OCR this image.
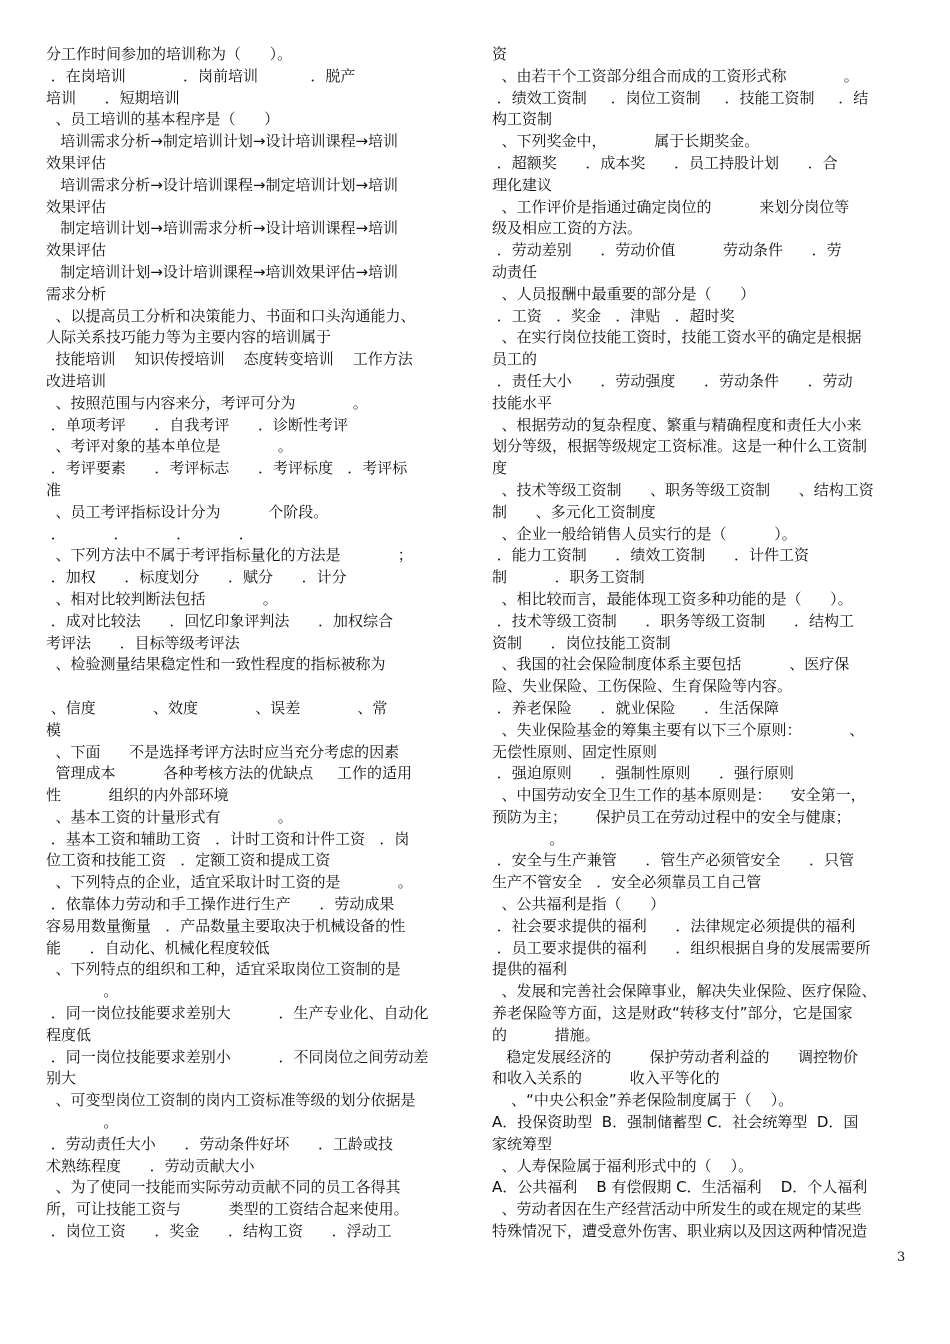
分工作时间参加的培训称为（      ）。
．在岗培训            ．岗前培训           ．脱产
培训      ．短期培训
、员工培训的基本程序是（      ）
培训需求分析→制定培训计划→设计培训课程→培训
效果评估
培训需求分析→设计培训课程→制定培训计划→培训
效果评估
制定培训计划→培训需求分析→设计培训课程→培训
效果评估
制定培训计划→设计培训课程→培训效果评估→培训
需求分析
、以提高员工分析和决策能力、书面和口头沟通能力、
人际关系技巧能力等为主要内容的培训属于
技能培训    知识传授培训    态度转变培训    工作方法
改进培训
、按照范围与内容来分，考评可分为            。
．单项考评      ．自我考评      ．诊断性考评
、考评对象的基本单位是            。
．考评要素      ．考评标志      ．考评标度   ．考评标
准
、员工考评指标设计分为          个阶段。
．          ．          ．          ．
、下列方法中不属于考评指标量化的方法是            ；
．加权      ．标度划分      ．赋分      ．计分
、相对比较判断法包括            。
．成对比较法      ．回忆印象评判法      ．加权综合
考评法      ．目标等级考评法
、检验测量结果稳定性和一致性程度的指标被称为
、信度            、效度            、误差            、常
模
、下面      不是选择考评方法时应当充分考虑的因素
管理成本          各种考核方法的优缺点     工作的适用
性          组织的内外部环境
、基本工资的计量形式有            。
．基本工资和辅助工资   ．计时工资和计件工资   ．岗
位工资和技能工资   ．定额工资和提成工资
、下列特点的企业，适宜采取计时工资的是            。
．依靠体力劳动和手工操作进行生产      ．劳动成果
容易用数量衡量   ．产品数量主要取决于机械设备的性
能      ．自动化、机械化程度较低
、下列特点的组织和工种，适宜采取岗位工资制的是
。
．同一岗位技能要求差别大          ．生产专业化、自动化
程度低
．同一岗位技能要求差别小          ．不同岗位之间劳动差
别大
、可变型岗位工资制的岗内工资标准等级的划分依据是
。
．劳动责任大小      ．劳动条件好坏      ．工龄或技
术熟练程度      ．劳动贡献大小
、为了使同一技能而实际劳动贡献不同的员工各得其
所，可让技能工资与          类型的工资结合起来使用。
．岗位工资      ．奖金      ．结构工资      ．浮动工
资
、由若干个工资部分组合而成的工资形式称            。
．绩效工资制     ．岗位工资制     ．技能工资制     ．结
构工资制
、下列奖金中，          属于长期奖金。
．超额奖      ．成本奖      ．员工持股计划      ．合
理化建议
、工作评价是指通过确定岗位的          来划分岗位等
级及相应工资的方法。
．劳动差别      ．劳动价值          劳动条件      ．劳
动责任
、人员报酬中最重要的部分是（      ）
．工资   ．奖金   ．津贴   ．超时奖
、在实行岗位技能工资时，技能工资水平的确定是根据
员工的
．责任大小      ．劳动强度      ．劳动条件      ．劳动
技能水平
、根据劳动的复杂程度、繁重与精确程度和责任大小来
划分等级，根据等级规定工资标准。这是一种什么工资制
度
、技术等级工资制      、职务等级工资制      、结构工资
制      、多元化工资制度
、企业一般给销售人员实行的是（          ）。
．能力工资制      ．绩效工资制      ．计件工资
制          ．职务工资制
、相比较而言，最能体现工资多种功能的是（      ）。
．技术等级工资制      ．职务等级工资制      ．结构工
资制      ．岗位技能工资制
、我国的社会保险制度体系主要包括          、医疗保
险、失业保险、工伤保险、生育保险等内容。
．养老保险      ．就业保险      ．生活保障
、失业保险基金的筹集主要有以下三个原则：          、
无偿性原则、固定性原则
．强迫原则      ．强制性原则      ．强行原则
、中国劳动安全卫生工作的基本原则是：    安全第一，
预防为主；      保护员工在劳动过程中的安全与健康；
。
．安全与生产兼管      ．管生产必须管安全      ．只管
生产不管安全   ．安全必须靠员工自己管
、公共福利是指（      ）
．社会要求提供的福利      ．法律规定必须提供的福利
．员工要求提供的福利      ．组织根据自身的发展需要所
提供的福利
、发展和完善社会保障事业，解决失业保险、医疗保险、
养老保险等方面，这是财政“转移支付”部分，它是国家
的          措施。
稳定发展经济的        保护劳动者利益的      调控物价
和收入关系的          收入平等化的
、“中央公积金”养老保险制度属于（    ）。
A．投保资助型  B．强制储蓄型 C．社会统筹型  D．国
家统筹型
、人寿保险属于福利形式中的（    ）。
A．公共福利    B 有偿假期 C．生活福利    D．个人福利
、劳动者因在生产经营活动中所发生的或在规定的某些
特殊情况下，遭受意外伤害、职业病以及因这两种情况造
3
